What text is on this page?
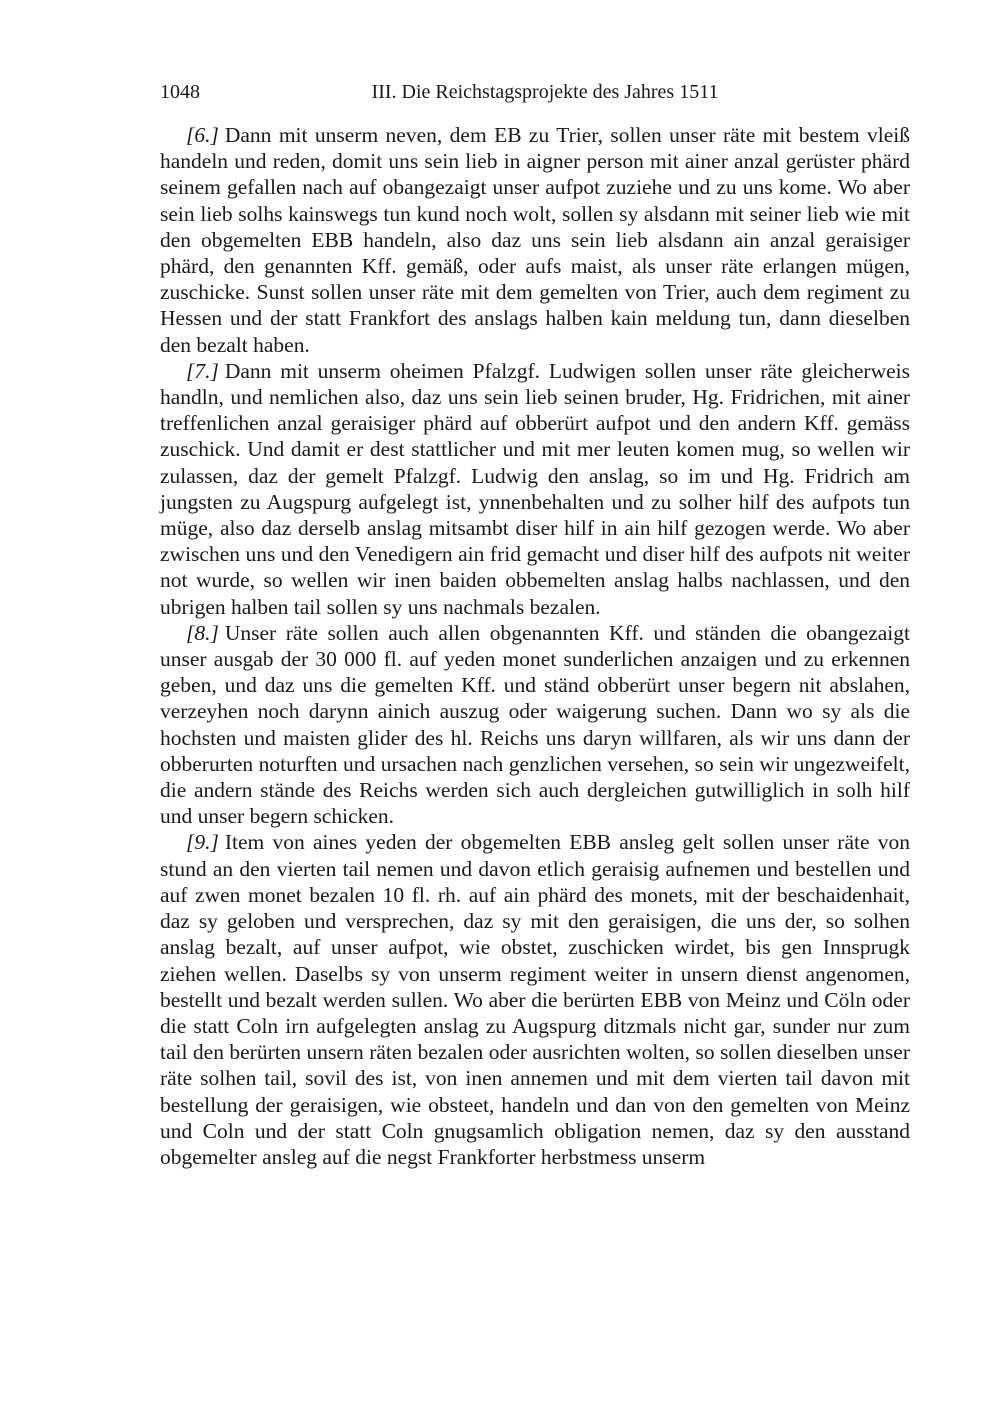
1048	III. Die Reichstagsprojekte des Jahres 1511

[6.] Dann mit unserm neven, dem EB zu Trier, sollen unser räte mit bestem vleiß handeln und reden, domit uns sein lieb in aigner person mit ainer anzal gerüster phärd seinem gefallen nach auf obangezaigt unser aufpot zuziehe und zu uns kome. Wo aber sein lieb solhs kainswegs tun kund noch wolt, sollen sy alsdann mit seiner lieb wie mit den obgemelten EBB handeln, also daz uns sein lieb alsdann ain anzal geraisiger phärd, den genannten Kff. gemäß, oder aufs maist, als unser räte erlangen mügen, zuschicke. Sunst sollen unser räte mit dem gemelten von Trier, auch dem regiment zu Hessen und der statt Frankfort des anslags halben kain meldung tun, dann dieselben den bezalt haben.

[7.] Dann mit unserm oheimen Pfalzgf. Ludwigen sollen unser räte gleicherweis handln, und nemlichen also, daz uns sein lieb seinen bruder, Hg. Fridrichen, mit ainer treffenlichen anzal geraisiger phärd auf obberürt aufpot und den andern Kff. gemäss zuschick. Und damit er dest stattlicher und mit mer leuten komen mug, so wellen wir zulassen, daz der gemelt Pfalzgf. Ludwig den anslag, so im und Hg. Fridrich am jungsten zu Augspurg aufgelegt ist, ynnenbehalten und zu solher hilf des aufpots tun müge, also daz derselb anslag mitsambt diser hilf in ain hilf gezogen werde. Wo aber zwischen uns und den Venedigern ain frid gemacht und diser hilf des aufpots nit weiter not wurde, so wellen wir inen baiden obbemelten anslag halbs nachlassen, und den ubrigen halben tail sollen sy uns nachmals bezalen.

[8.] Unser räte sollen auch allen obgenannten Kff. und ständen die obangezaigt unser ausgab der 30 000 fl. auf yeden monet sunderlichen anzaigen und zu erkennen geben, und daz uns die gemelten Kff. und ständ obberürt unser begern nit abslahen, verzeyhen noch darynn ainich auszug oder waigerung suchen. Dann wo sy als die hochsten und maisten glider des hl. Reichs uns daryn willfaren, als wir uns dann der obberurten noturften und ursachen nach genzlichen versehen, so sein wir ungezweifelt, die andern stände des Reichs werden sich auch dergleichen gutwilliglich in solh hilf und unser begern schicken.

[9.] Item von aines yeden der obgemelten EBB ansleg gelt sollen unser räte von stund an den vierten tail nemen und davon etlich geraisig aufnemen und bestellen und auf zwen monet bezalen 10 fl. rh. auf ain phärd des monets, mit der beschaidenhait, daz sy geloben und versprechen, daz sy mit den geraisigen, die uns der, so solhen anslag bezalt, auf unser aufpot, wie obstet, zuschicken wirdet, bis gen Innsprugk ziehen wellen. Daselbs sy von unserm regiment weiter in unsern dienst angenomen, bestellt und bezalt werden sullen. Wo aber die berürten EBB von Meinz und Cöln oder die statt Coln irn aufgelegten anslag zu Augspurg ditzmals nicht gar, sunder nur zum tail den berürten unsern räten bezalen oder ausrichten wolten, so sollen dieselben unser räte solhen tail, sovil des ist, von inen annemen und mit dem vierten tail davon mit bestellung der geraisigen, wie obsteet, handeln und dan von den gemelten von Meinz und Coln und der statt Coln gnugsamlich obligation nemen, daz sy den ausstand obgemelter ansleg auf die negst Frankforter herbstmess unserm
